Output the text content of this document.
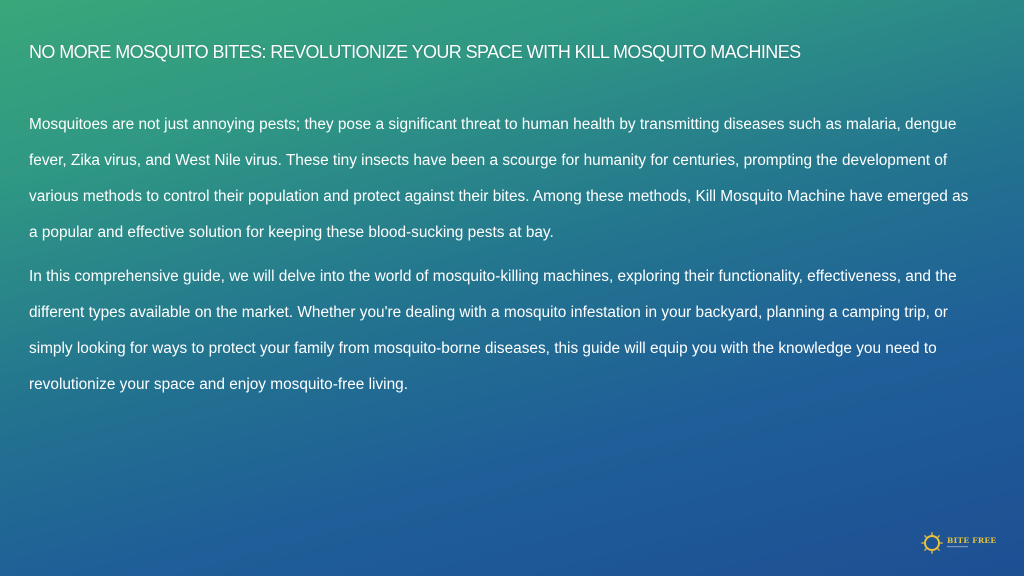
NO MORE MOSQUITO BITES: REVOLUTIONIZE YOUR SPACE WITH KILL MOSQUITO MACHINES

Mosquitoes are not just annoying pests; they pose a significant threat to human health by transmitting diseases such as malaria, dengue fever, Zika virus, and West Nile virus. These tiny insects have been a scourge for humanity for centuries, prompting the development of various methods to control their population and protect against their bites. Among these methods, Kill Mosquito Machine have emerged as a popular and effective solution for keeping these blood-sucking pests at bay.

In this comprehensive guide, we will delve into the world of mosquito-killing machines, exploring their functionality, effectiveness, and the different types available on the market. Whether you're dealing with a mosquito infestation in your backyard, planning a camping trip, or simply looking for ways to protect your family from mosquito-borne diseases, this guide will equip you with the knowledge you need to revolutionize your space and enjoy mosquito-free living.

BITE FREE
━━━━━━━━━━
